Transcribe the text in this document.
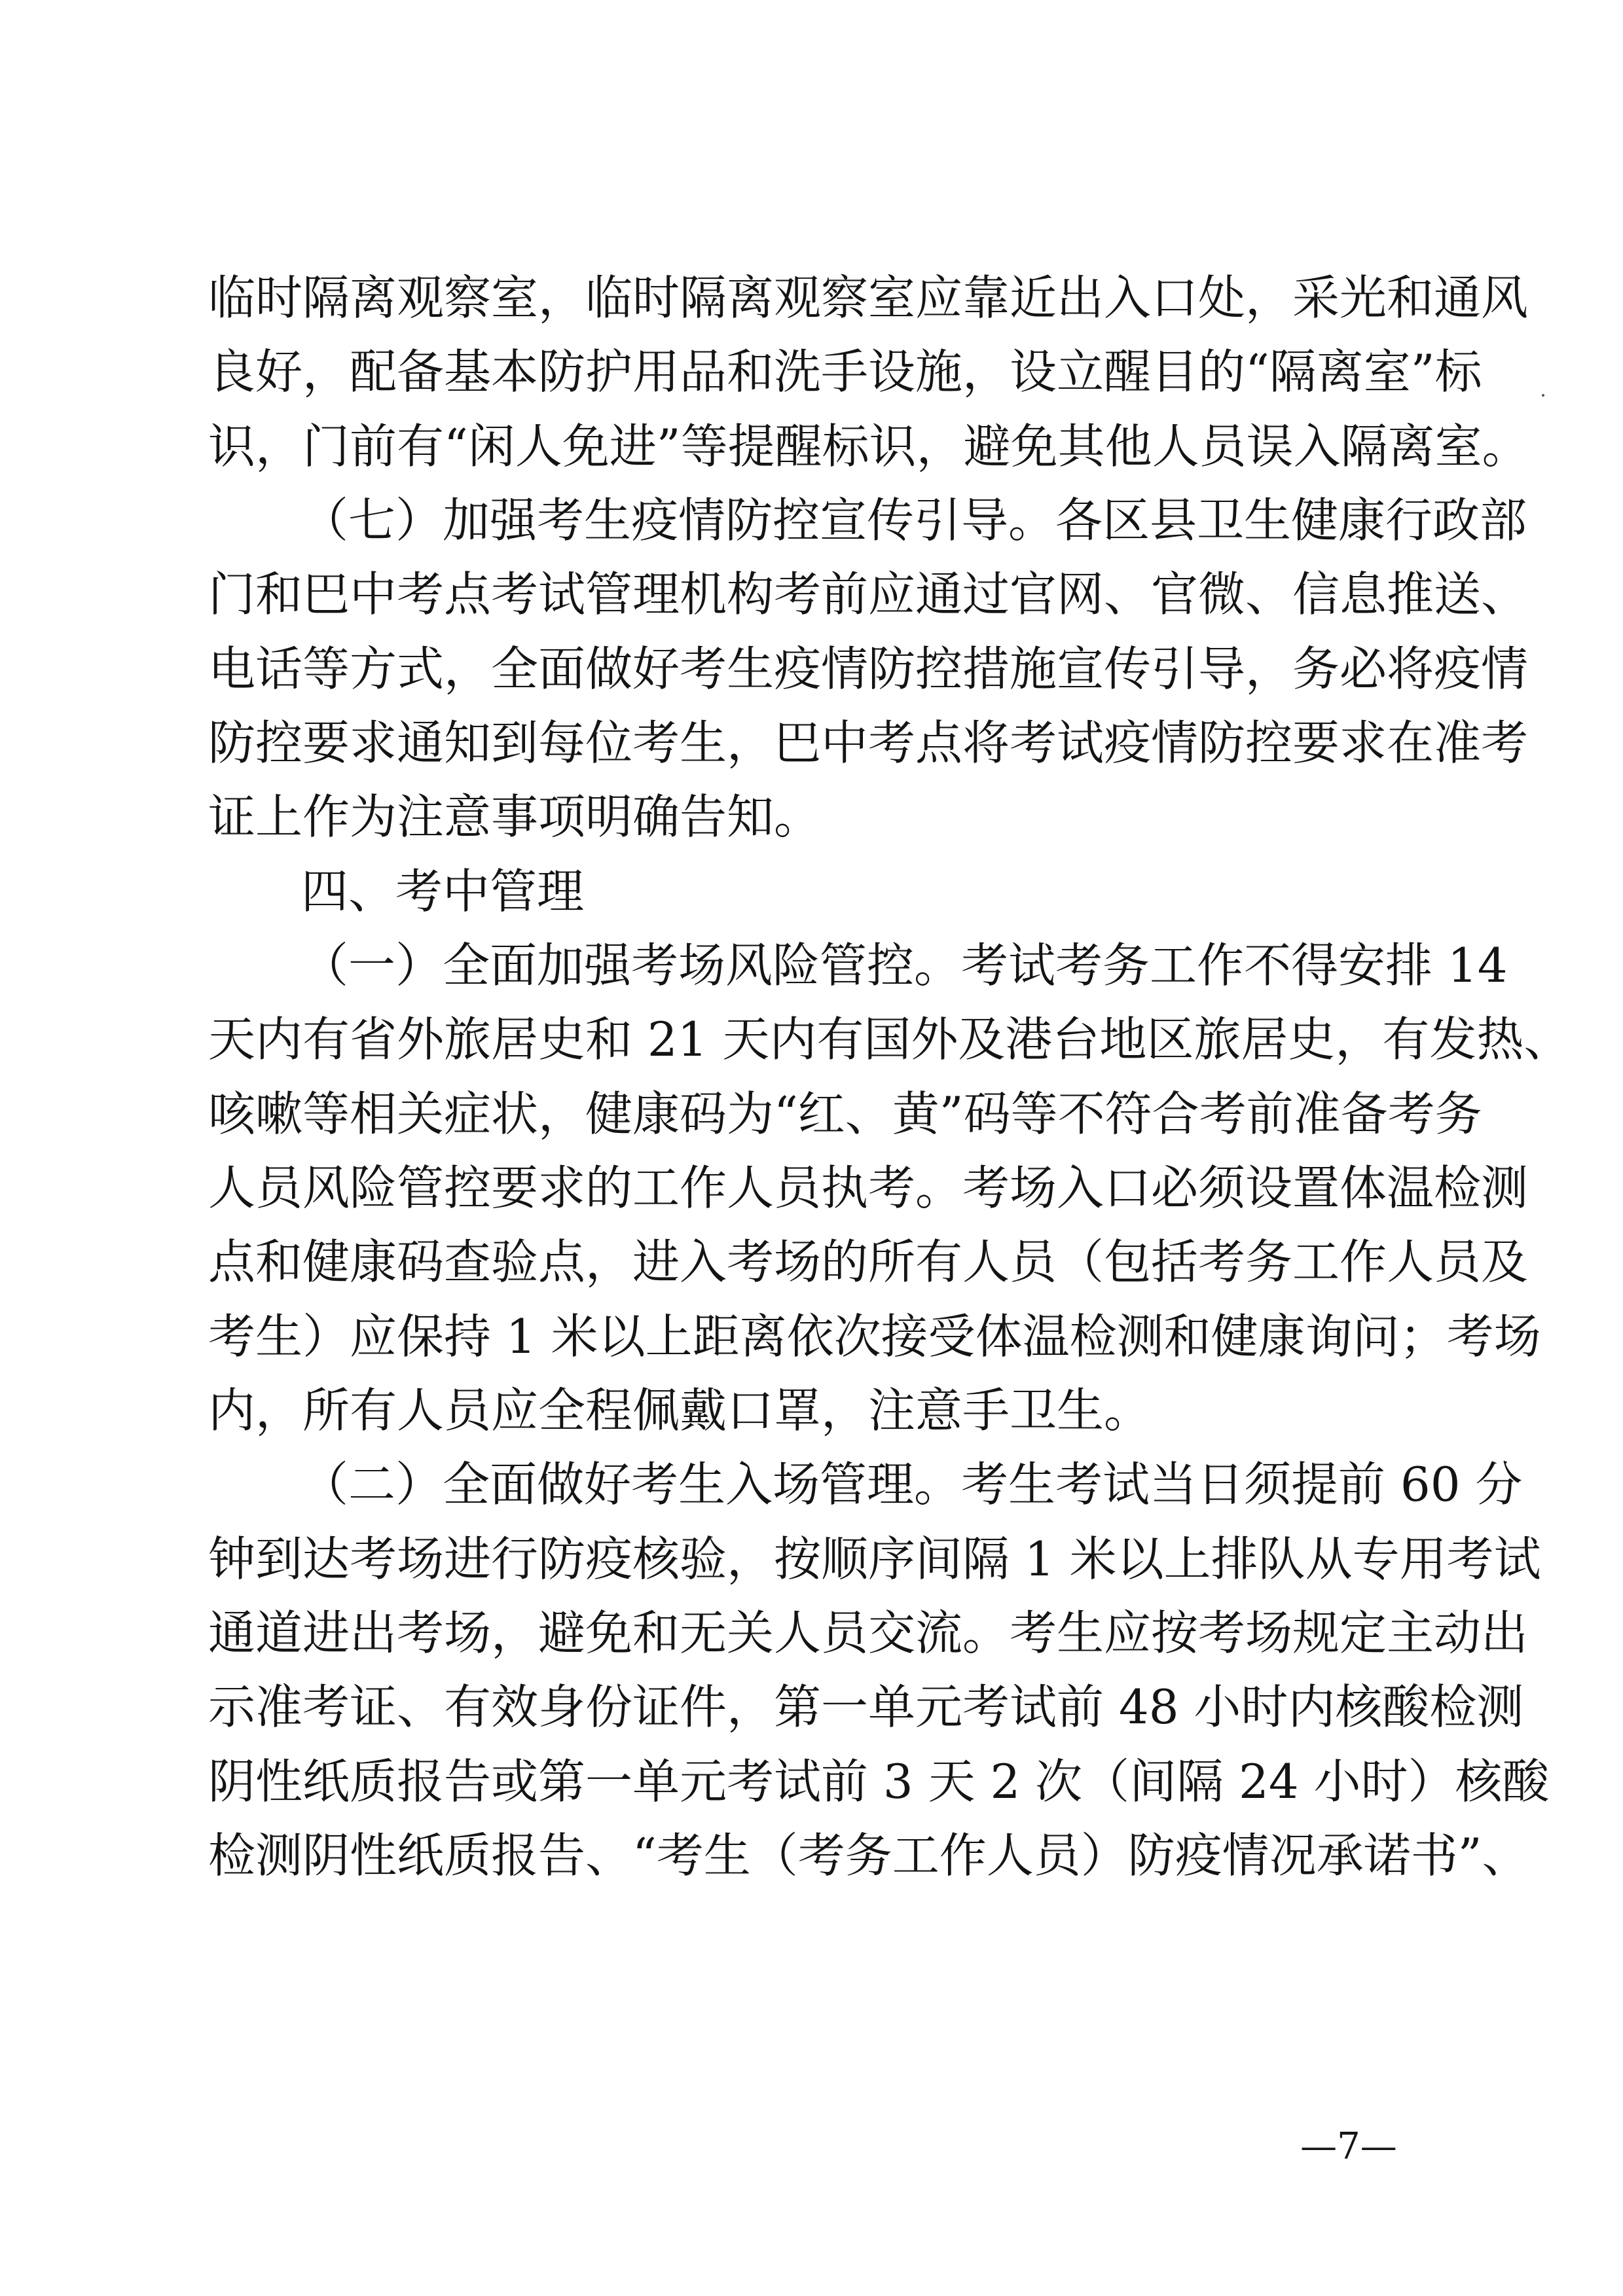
临时隔离观察室，临时隔离观察室应靠近出入口处，采光和通风
良好，配备基本防护用品和洗手设施，设立醒目的“隔离室”标
识，门前有“闲人免进”等提醒标识，避免其他人员误入隔离室。
（七）加强考生疫情防控宣传引导。各区县卫生健康行政部
门和巴中考点考试管理机构考前应通过官网、官微、信息推送、
电话等方式，全面做好考生疫情防控措施宣传引导，务必将疫情
防控要求通知到每位考生，巴中考点将考试疫情防控要求在准考
证上作为注意事项明确告知。
四、考中管理
（一）全面加强考场风险管控。考试考务工作不得安排 14
天内有省外旅居史和 21 天内有国外及港台地区旅居史，有发热、
咳嗽等相关症状，健康码为“红、黄”码等不符合考前准备考务
人员风险管控要求的工作人员执考。考场入口必须设置体温检测
点和健康码查验点，进入考场的所有人员（包括考务工作人员及
考生）应保持 1 米以上距离依次接受体温检测和健康询问；考场
内，所有人员应全程佩戴口罩，注意手卫生。
（二）全面做好考生入场管理。考生考试当日须提前 60 分
钟到达考场进行防疫核验，按顺序间隔 1 米以上排队从专用考试
通道进出考场，避免和无关人员交流。考生应按考场规定主动出
示准考证、有效身份证件，第一单元考试前 48 小时内核酸检测
阴性纸质报告或第一单元考试前 3 天 2 次（间隔 24 小时）核酸
检测阴性纸质报告、“考生（考务工作人员）防疫情况承诺书”、
—7—
